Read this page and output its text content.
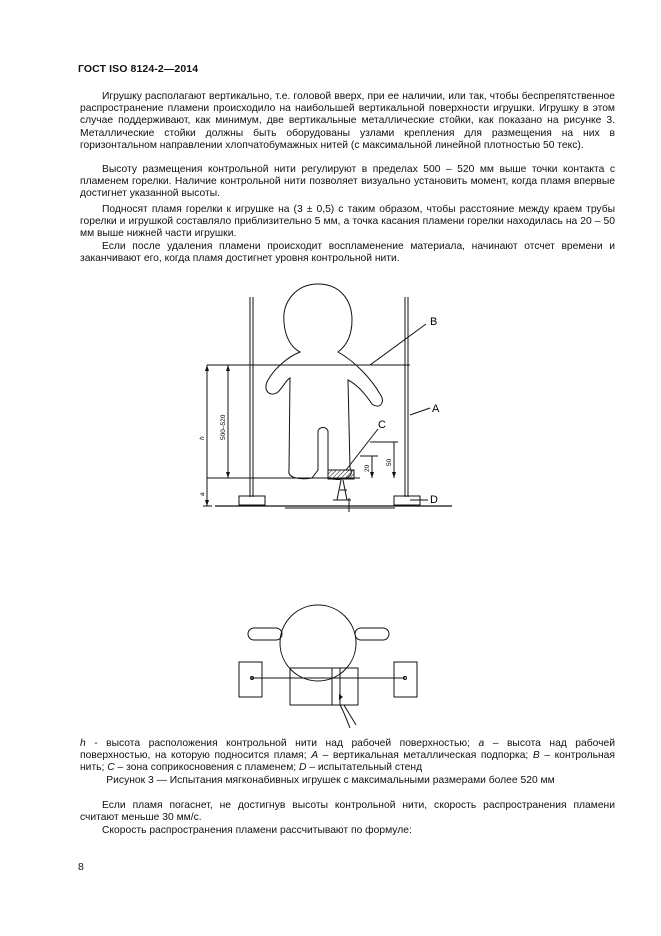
ГОСТ ISO 8124-2—2014

Игрушку располагают вертикально, т.е. головой вверх, при ее наличии, или так, чтобы беспрепятственное распространение пламени происходило на наибольшей вертикальной поверхности игрушки. Игрушку в этом случае поддерживают, как минимум, две вертикальные металлические стойки, как показано на рисунке 3. Металлические стойки должны быть оборудованы узлами крепления для размещения на них в горизонтальном направлении хлопчатобумажных нитей (с максимальной линейной плотностью 50 текс).

Высоту размещения контрольной нити регулируют в пределах 500 – 520 мм выше точки контакта с пламенем горелки. Наличие контрольной нити позволяет визуально установить момент, когда пламя впервые достигнет указанной высоты.

Подносят пламя горелки к игрушке на (3 ± 0,5) с таким образом, чтобы расстояние между краем трубы горелки и игрушкой составляло приблизительно 5 мм, а точка касания пламени горелки находилась на 20 – 50 мм выше нижней части игрушки.

Если после удаления пламени происходит воспламенение материала, начинают отсчет времени и заканчивают его, когда пламя достигнет уровня контрольной нити.

B
A
C
D
h
a
500–520
20
50

h - высота расположения контрольной нити над рабочей поверхностью; a – высота над рабочей поверхностью, на которую подносится пламя; A – вертикальная металлическая подпорка; B – контрольная нить; C – зона соприкосновения с пламенем; D – испытательный стенд

Рисунок 3 — Испытания мягконабивных игрушек с максимальными размерами более 520 мм

Если пламя погаснет, не достигнув высоты контрольной нити, скорость распространения пламени считают меньше 30 мм/с.

Скорость распространения пламени рассчитывают по формуле:

8
